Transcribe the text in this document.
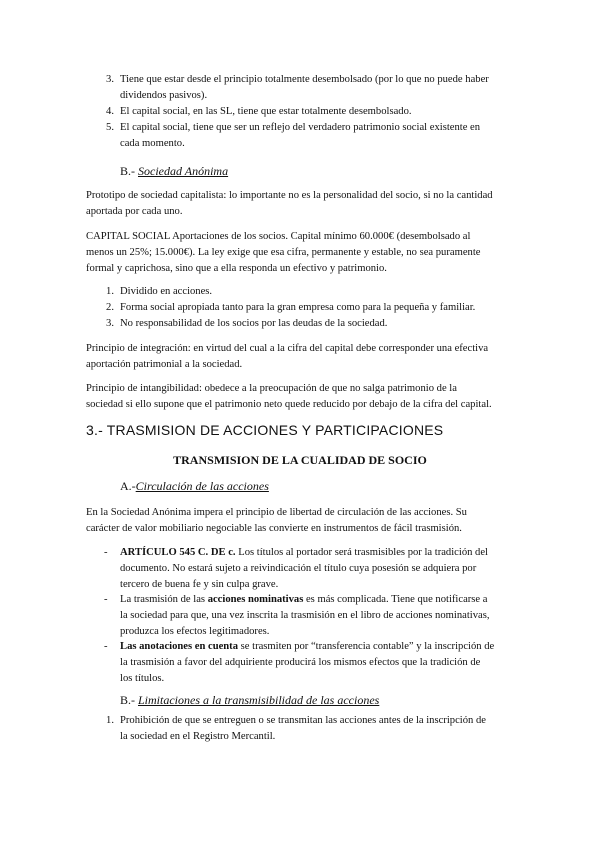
3. Tiene que estar desde el principio totalmente desembolsado (por lo que no puede haber
dividendos pasivos).
4. El capital social, en las SL, tiene que estar totalmente desembolsado.
5. El capital social, tiene que ser un reflejo del verdadero patrimonio social existente en
cada momento.
B.- Sociedad Anónima
Prototipo de sociedad capitalista: lo importante no es la personalidad del socio, si no la cantidad
aportada por cada uno.
CAPITAL SOCIAL Aportaciones de los socios. Capital mínimo 60.000€ (desembolsado al
menos un 25%; 15.000€). La ley exige que esa cifra, permanente y estable, no sea puramente
formal y caprichosa, sino que a ella responda un efectivo y patrimonio.
1. Dividido en acciones.
2. Forma social apropiada tanto para la gran empresa como para la pequeña y familiar.
3. No responsabilidad de los socios por las deudas de la sociedad.
Principio de integración: en virtud del cual a la cifra del capital debe corresponder una efectiva
aportación patrimonial a la sociedad.
Principio de intangibilidad: obedece a la preocupación de que no salga patrimonio de la
sociedad si ello supone que el patrimonio neto quede reducido por debajo de la cifra del capital.
3.- TRASMISION DE ACCIONES Y PARTICIPACIONES
TRANSMISION DE LA CUALIDAD DE SOCIO
A.-Circulación de las acciones
En la Sociedad Anónima impera el principio de libertad de circulación de las acciones. Su
carácter de valor mobiliario negociable las convierte en instrumentos de fácil trasmisión.
- ARTÍCULO 545 C. DE c. Los títulos al portador será trasmisibles por la tradición del
documento. No estará sujeto a reivindicación el título cuya posesión se adquiera por
tercero de buena fe y sin culpa grave.
- La trasmisión de las acciones nominativas es más complicada. Tiene que notificarse a
la sociedad para que, una vez inscrita la trasmisión en el libro de acciones nominativas,
produzca los efectos legitimadores.
- Las anotaciones en cuenta se trasmiten por “transferencia contable” y la inscripción de
la trasmisión a favor del adquiriente producirá los mismos efectos que la tradición de
los títulos.
B.- Limitaciones a la transmisibilidad de las acciones
1. Prohibición de que se entreguen o se transmitan las acciones antes de la inscripción de
la sociedad en el Registro Mercantil.
